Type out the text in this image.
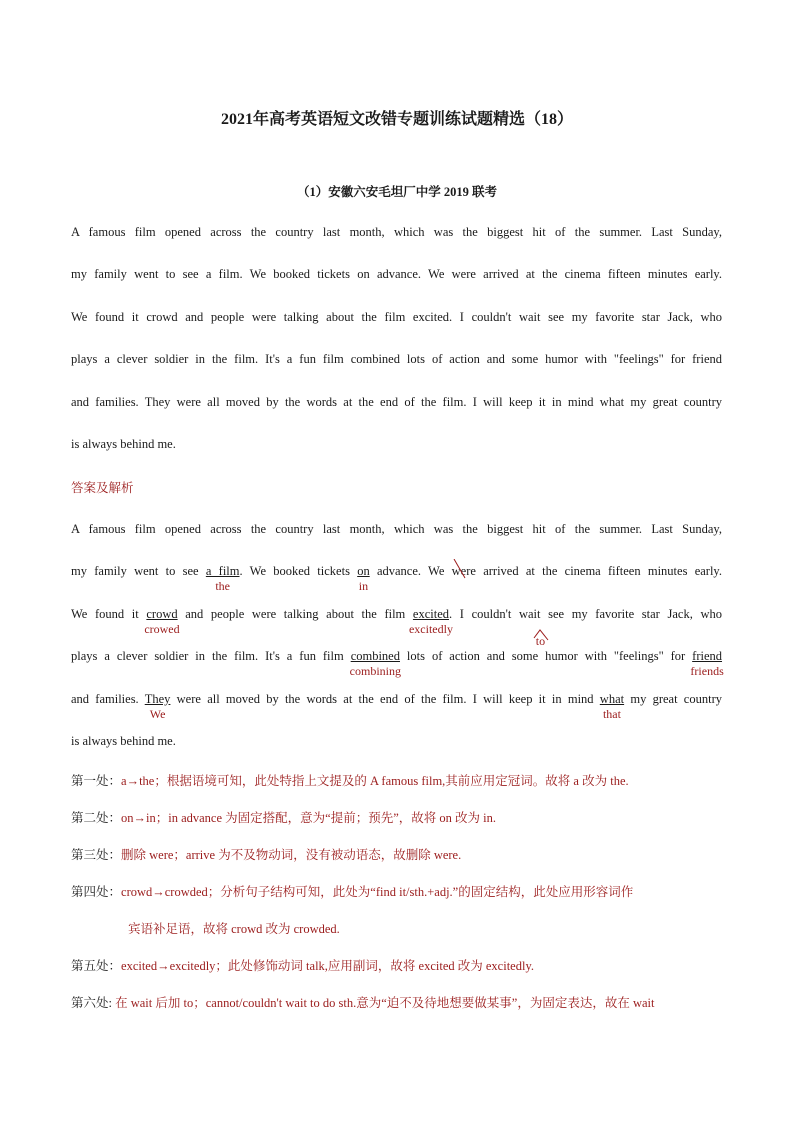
2021年高考英语短文改错专题训练试题精选（18）
（1）安徽六安毛坦厂中学 2019 联考
A famous film opened across the country last month, which was the biggest hit of the summer. Last Sunday,
my family went to see a film. We booked tickets on advance. We were arrived at the cinema fifteen minutes early.
We found it crowd and people were talking about the film excited. I couldn't wait see my favorite star Jack, who
plays a clever soldier in the film. It's a fun film combined lots of action and some humor with "feelings" for friend
and families. They were all moved by the words at the end of the film. I will keep it in mind what my great country
is always behind me.
答案及解析
A famous film opened across the country last month, which was the biggest hit of the summer. Last Sunday,
my family went to see a film
the
. We booked tickets on
in
advance. We were
arrived at the cinema fifteen minutes early.
We found it crowd
crowed
and people were talking about the film excited
excitedly
. I couldn't wait
to
see my favorite star Jack, who
plays a clever soldier in the film. It's a fun film combined
combining
lots of action and some humor with "feelings" for friend
friends
and families. They
We
were all moved by the words at the end of the film. I will keep it in mind what
that
my great country
is always behind me.
第一处：a→the；根据语境可知，此处特指上文提及的 A famous film,其前应用定冠词。故将 a 改为 the.
第二处：on→in；in advance 为固定搭配，意为“提前；预先”，故将 on 改为 in.
第三处：删除 were；arrive 为不及物动词，没有被动语态，故删除 were.
第四处：crowd→crowded；分析句子结构可知，此处为“find it/sth.+adj.”的固定结构，此处应用形容词作
宾语补足语，故将 crowd 改为 crowded.
第五处：excited→excitedly；此处修饰动词 talk,应用副词，故将 excited 改为 excitedly.
第六处: 在 wait 后加 to；cannot/couldn't wait to do sth.意为“迫不及待地想要做某事”，为固定表达，故在 wait
